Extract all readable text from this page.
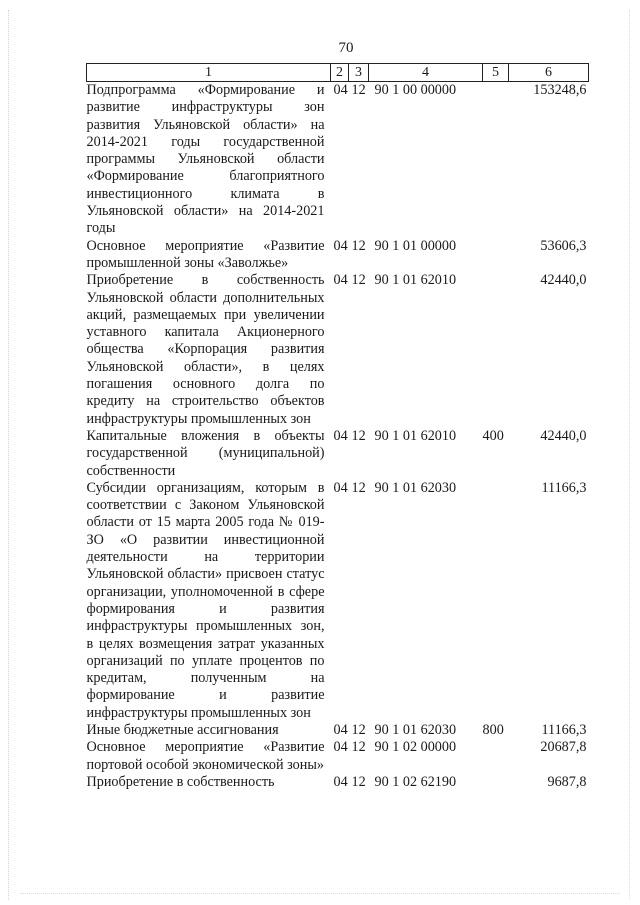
70
1	2	3	4	5	6
Подпрограмма «Формирование и развитие инфраструктуры зон развития Ульяновской области» на 2014-2021 годы государственной программы Ульяновской области «Формирование благоприятного инвестиционного климата в Ульяновской области» на 2014-2021 годы	04	12	90 1 00 00000		153248,6
Основное мероприятие «Развитие промышленной зоны «Заволжье»	04	12	90 1 01 00000		53606,3
Приобретение в собственность Ульяновской области дополнительных акций, размещаемых при увеличении уставного капитала Акционерного общества «Корпорация развития Ульяновской области», в целях погашения основного долга по кредиту на строительство объектов инфраструктуры промышленных зон	04	12	90 1 01 62010		42440,0
Капитальные вложения в объекты государственной (муниципальной) собственности	04	12	90 1 01 62010	400	42440,0
Субсидии организациям, которым в соответствии с Законом Ульяновской области от 15 марта 2005 года № 019-ЗО «О развитии инвестиционной деятельности на территории Ульяновской области» присвоен статус организации, уполномоченной в сфере формирования и развития инфраструктуры промышленных зон, в целях возмещения затрат указанных организаций по уплате процентов по кредитам, полученным на формирование и развитие инфраструктуры промышленных зон	04	12	90 1 01 62030		11166,3
Иные бюджетные ассигнования	04	12	90 1 01 62030	800	11166,3
Основное мероприятие «Развитие портовой особой экономической зоны»	04	12	90 1 02 00000		20687,8
Приобретение в собственность	04	12	90 1 02 62190		9687,8
